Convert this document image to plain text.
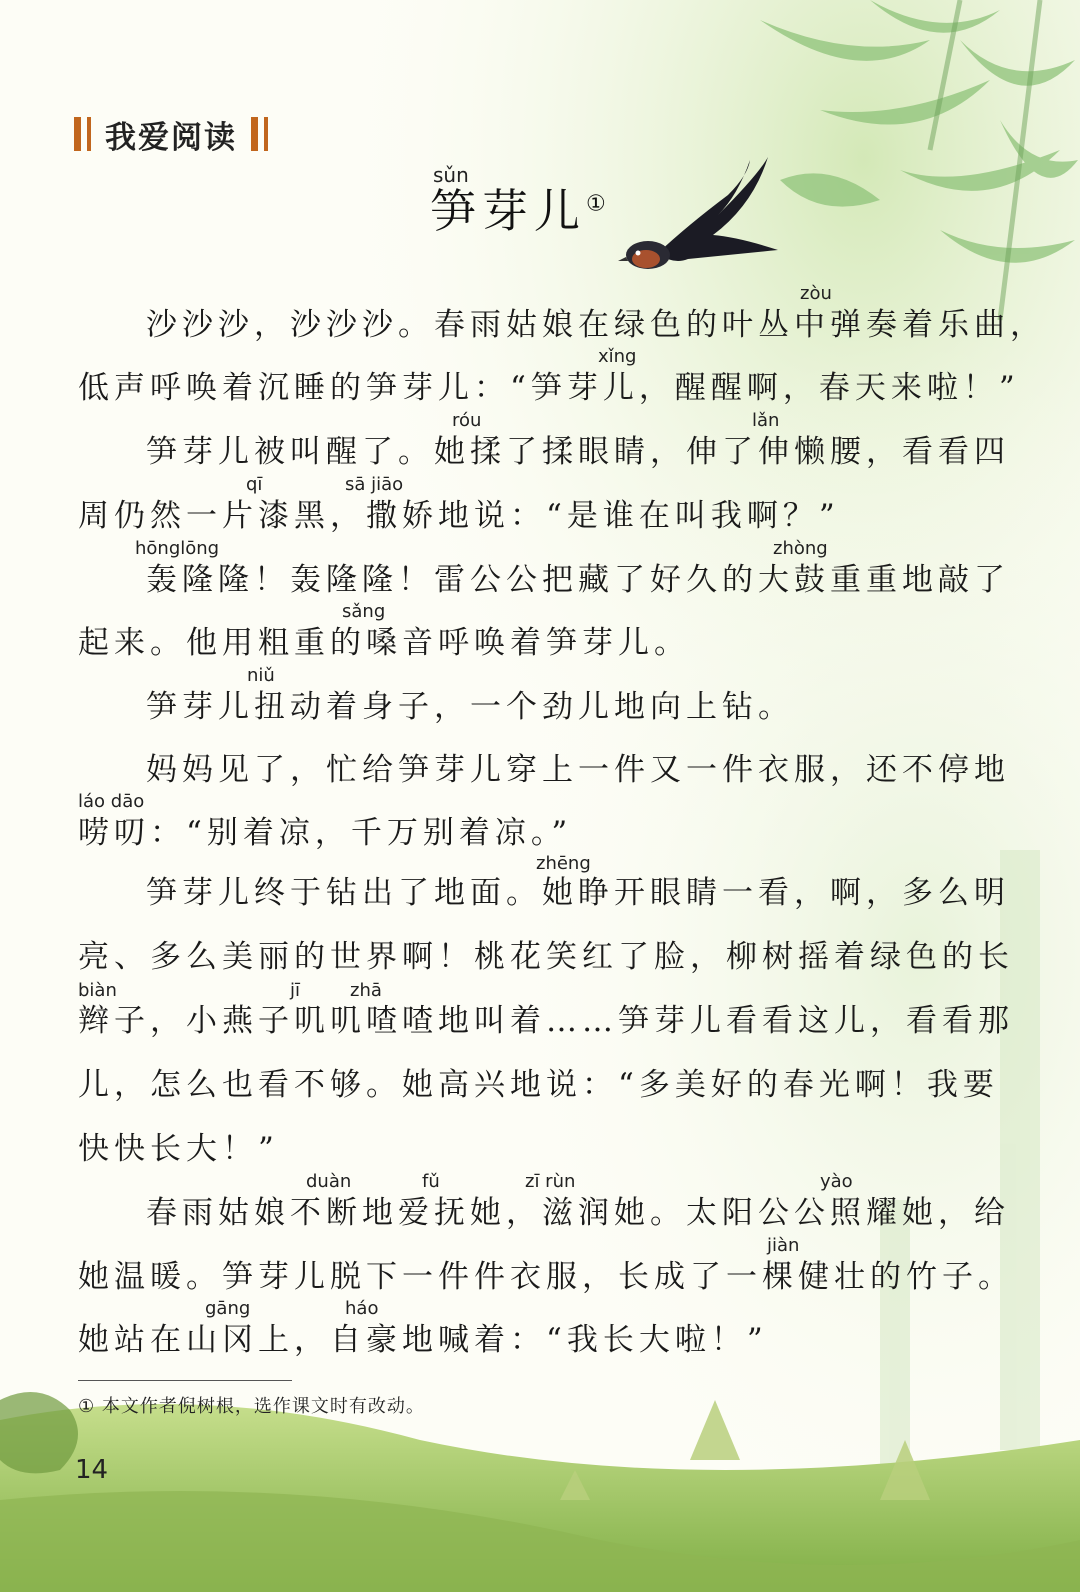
我爱阅读
sǔn
笋芽儿①
沙沙沙，沙沙沙。春雨姑娘在绿色的叶丛中弹奏着乐曲，
低声呼唤着沉睡的笋芽儿：“笋芽儿，醒醒啊，春天来啦！”
笋芽儿被叫醒了。她揉了揉眼睛，伸了伸懒腰，看看四
周仍然一片漆黑，撒娇地说：“是谁在叫我啊？”
轰隆隆！轰隆隆！雷公公把藏了好久的大鼓重重地敲了
起来。他用粗重的嗓音呼唤着笋芽儿。
笋芽儿扭动着身子，一个劲儿地向上钻。
妈妈见了，忙给笋芽儿穿上一件又一件衣服，还不停地
唠叨：“别着凉，千万别着凉。”
笋芽儿终于钻出了地面。她睁开眼睛一看，啊，多么明
亮、多么美丽的世界啊！桃花笑红了脸，柳树摇着绿色的长
辫子，小燕子叽叽喳喳地叫着……笋芽儿看看这儿，看看那
儿，怎么也看不够。她高兴地说：“多美好的春光啊！我要
快快长大！”
春雨姑娘不断地爱抚她，滋润她。太阳公公照耀她，给
她温暖。笋芽儿脱下一件件衣服，长成了一棵健壮的竹子。
她站在山冈上，自豪地喊着：“我长大啦！”
zòu
xǐng
róu	lǎn
qī	sā jiāo
hōnglōng	zhòng
sǎng
niǔ
láo dāo
zhēng
biàn	jī	zhā
duàn	fǔ	zī rùn	yào
jiàn
gāng	háo
① 本文作者倪树根，选作课文时有改动。
14
